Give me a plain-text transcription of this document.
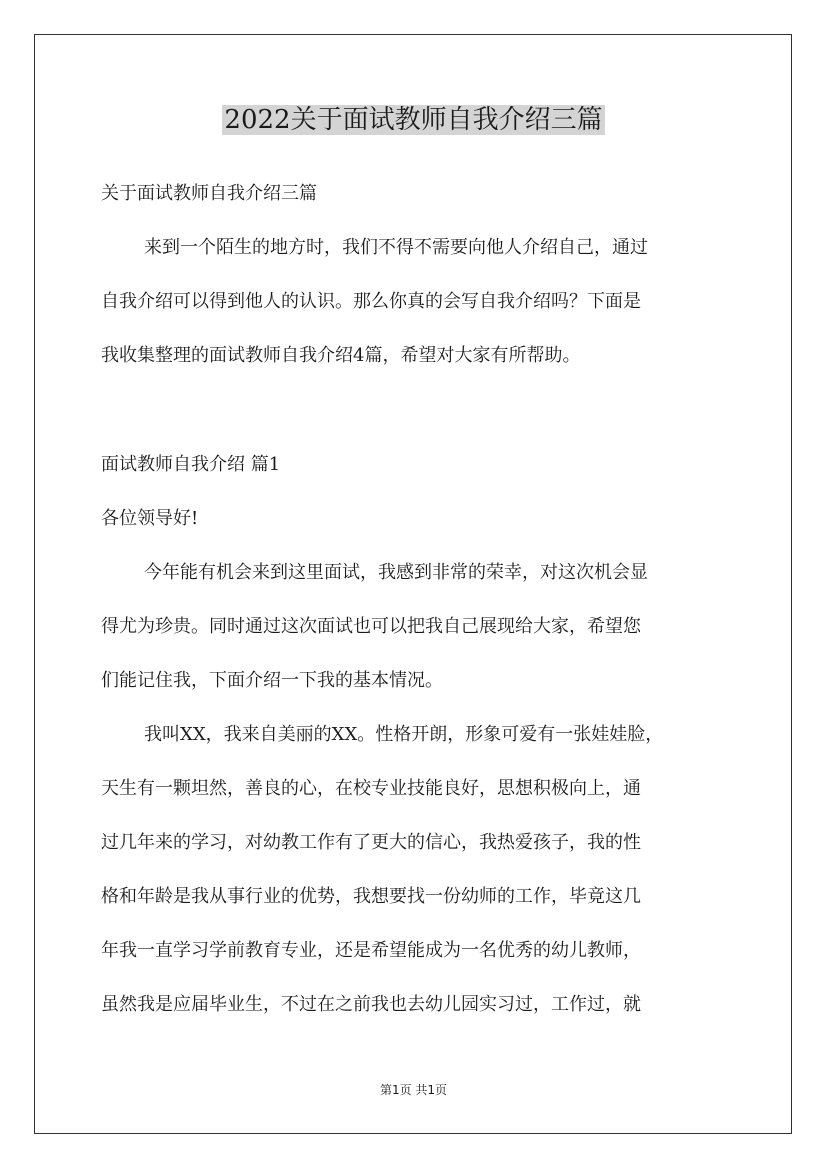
2022关于面试教师自我介绍三篇
关于面试教师自我介绍三篇
来到一个陌生的地方时，我们不得不需要向他人介绍自己，通过
自我介绍可以得到他人的认识。那么你真的会写自我介绍吗？下面是
我收集整理的面试教师自我介绍4篇，希望对大家有所帮助。
面试教师自我介绍 篇1
各位领导好!
今年能有机会来到这里面试，我感到非常的荣幸，对这次机会显
得尤为珍贵。同时通过这次面试也可以把我自己展现给大家，希望您
们能记住我，下面介绍一下我的基本情况。
我叫XX，我来自美丽的XX。性格开朗，形象可爱有一张娃娃脸，
天生有一颗坦然，善良的心，在校专业技能良好，思想积极向上，通
过几年来的学习，对幼教工作有了更大的信心，我热爱孩子，我的性
格和年龄是我从事行业的优势，我想要找一份幼师的工作，毕竟这几
年我一直学习学前教育专业，还是希望能成为一名优秀的幼儿教师，
虽然我是应届毕业生，不过在之前我也去幼儿园实习过，工作过，就
第1页 共1页
